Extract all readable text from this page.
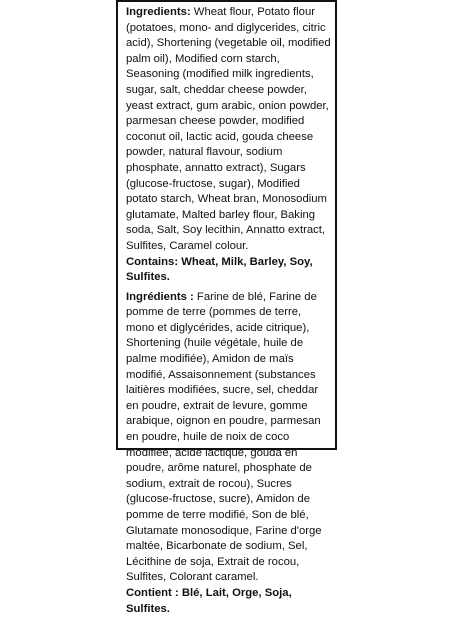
Ingredients: Wheat flour, Potato flour (potatoes, mono- and diglycerides, citric acid), Shortening (vegetable oil, modified palm oil), Modified corn starch, Seasoning (modified milk ingredients, sugar, salt, cheddar cheese powder, yeast extract, gum arabic, onion powder, parmesan cheese powder, modified coconut oil, lactic acid, gouda cheese powder, natural flavour, sodium phosphate, annatto extract), Sugars (glucose-fructose, sugar), Modified potato starch, Wheat bran, Monosodium glutamate, Malted barley flour, Baking soda, Salt, Soy lecithin, Annatto extract, Sulfites, Caramel colour.

Contains: Wheat, Milk, Barley, Soy, Sulfites.

Ingrédients : Farine de blé, Farine de pomme de terre (pommes de terre, mono et diglycérides, acide citrique), Shortening (huile végétale, huile de palme modifiée), Amidon de maïs modifié, Assaisonnement (substances laitières modifiées, sucre, sel, cheddar en poudre, extrait de levure, gomme arabique, oignon en poudre, parmesan en poudre, huile de noix de coco modifiée, acide lactique, gouda en poudre, arôme naturel, phosphate de sodium, extrait de rocou), Sucres (glucose-fructose, sucre), Amidon de pomme de terre modifié, Son de blé, Glutamate monosodique, Farine d'orge maltée, Bicarbonate de sodium, Sel, Lécithine de soja, Extrait de rocou, Sulfites, Colorant caramel.

Contient : Blé, Lait, Orge, Soja, Sulfites.
